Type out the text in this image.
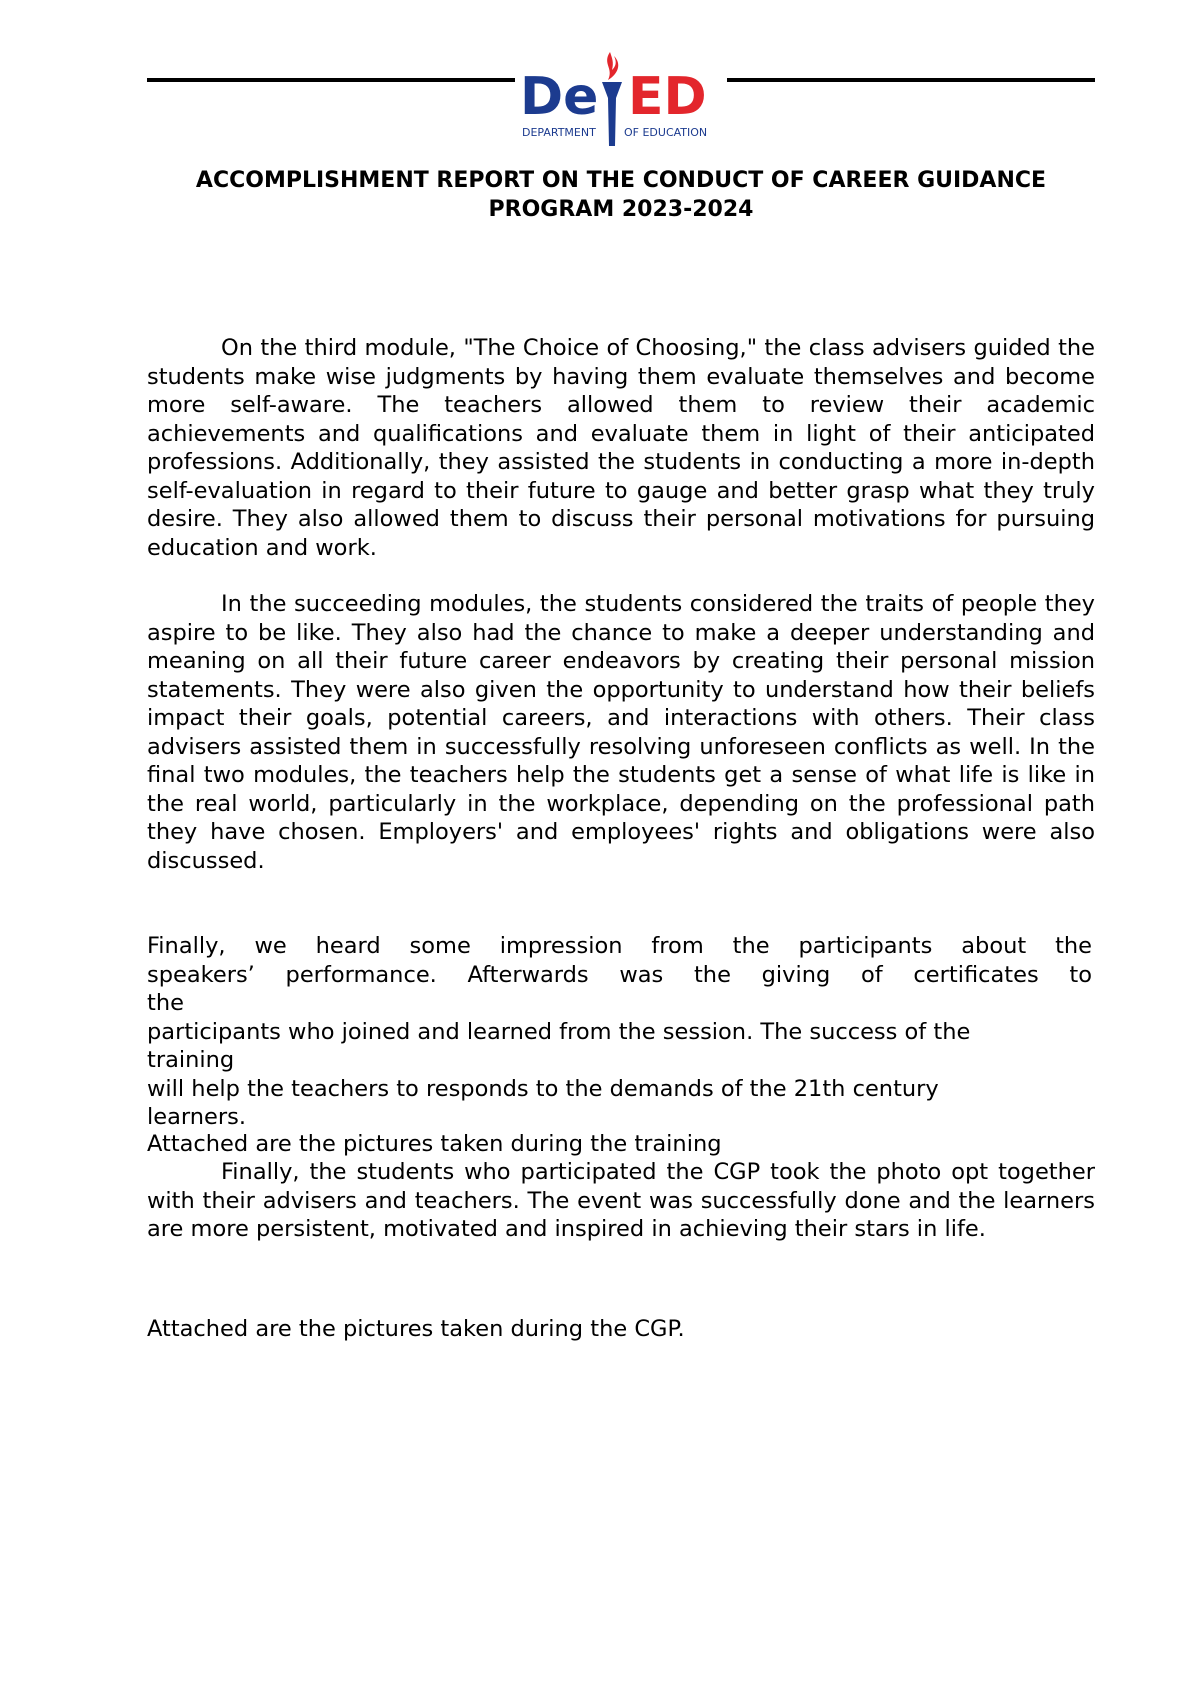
De ED
DEPARTMENT	OF EDUCATION
ACCOMPLISHMENT REPORT ON THE CONDUCT OF CAREER GUIDANCE PROGRAM 2023-2024

On the third module, "The Choice of Choosing," the class advisers guided the students make wise judgments by having them evaluate themselves and become more self-aware. The teachers allowed them to review their academic achievements and qualifications and evaluate them in light of their anticipated professions. Additionally, they assisted the students in conducting a more in-depth self-evaluation in regard to their future to gauge and better grasp what they truly desire. They also allowed them to discuss their personal motivations for pursuing education and work.

In the succeeding modules, the students considered the traits of people they aspire to be like. They also had the chance to make a deeper understanding and meaning on all their future career endeavors by creating their personal mission statements. They were also given the opportunity to understand how their beliefs impact their goals, potential careers, and interactions with others. Their class advisers assisted them in successfully resolving unforeseen conflicts as well. In the final two modules, the teachers help the students get a sense of what life is like in the real world, particularly in the workplace, depending on the professional path they have chosen. Employers' and employees' rights and obligations were also discussed.

Finally, we heard some impression from the participants about the
speakers’ performance. Afterwards was the giving of certificates to
the
participants who joined and learned from the session. The success of the
training
will help the teachers to responds to the demands of the 21th century
learners.

Attached are the pictures taken during the training

Finally, the students who participated the CGP took the photo opt together with their advisers and teachers. The event was successfully done and the learners are more persistent, motivated and inspired in achieving their stars in life.

Attached are the pictures taken during the CGP.
